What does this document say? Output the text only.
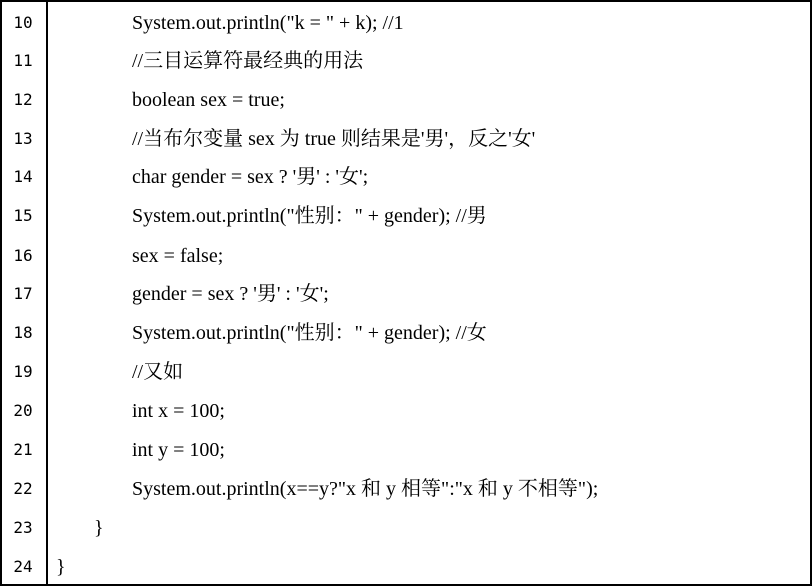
10	System.out.println("k = " + k); //1
11	//三目运算符最经典的用法
12	boolean sex = true;
13	//当布尔变量 sex 为 true 则结果是'男'，反之'女'
14	char gender = sex ? '男' : '女';
15	System.out.println("性别：" + gender); //男
16	sex = false;
17	gender = sex ? '男' : '女';
18	System.out.println("性别：" + gender); //女
19	//又如
20	int x = 100;
21	int y = 100;
22	System.out.println(x==y?"x 和 y 相等":"x 和 y 不相等");
23	}
24	}
